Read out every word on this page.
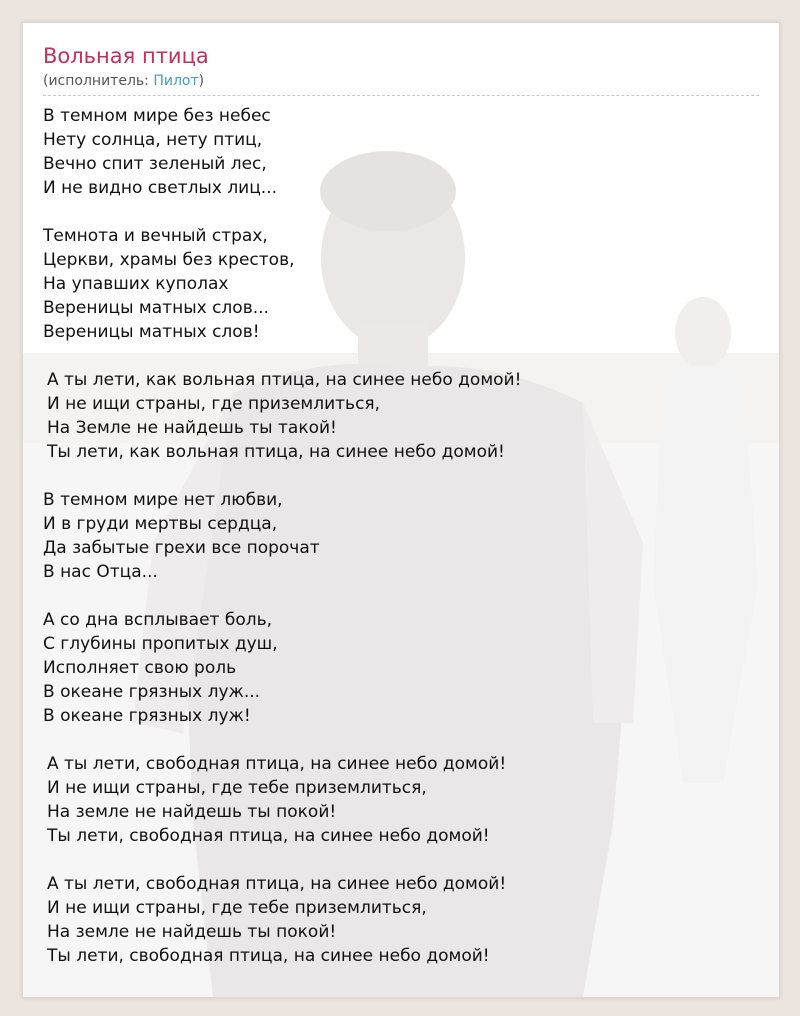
Вольная птица
(исполнитель: Пилот)
В темном мире без небес
Нету солнца, нету птиц,
Вечно спит зеленый лес,
И не видно светлых лиц...
Темнота и вечный страх,
Церкви, храмы без крестов,
На упавших куполах
Вереницы матных слов...
Вереницы матных слов!
А ты лети, как вольная птица, на синее небо домой!
И не ищи страны, где приземлиться,
На Земле не найдешь ты такой!
Ты лети, как вольная птица, на синее небо домой!
В темном мире нет любви,
И в груди мертвы сердца,
Да забытые грехи все порочат
В нас Отца...
А со дна всплывает боль,
С глубины пропитых душ,
Исполняет свою роль
В океане грязных луж...
В океане грязных луж!
А ты лети, свободная птица, на синее небо домой!
И не ищи страны, где тебе приземлиться,
На земле не найдешь ты покой!
Ты лети, свободная птица, на синее небо домой!
А ты лети, свободная птица, на синее небо домой!
И не ищи страны, где тебе приземлиться,
На земле не найдешь ты покой!
Ты лети, свободная птица, на синее небо домой!
